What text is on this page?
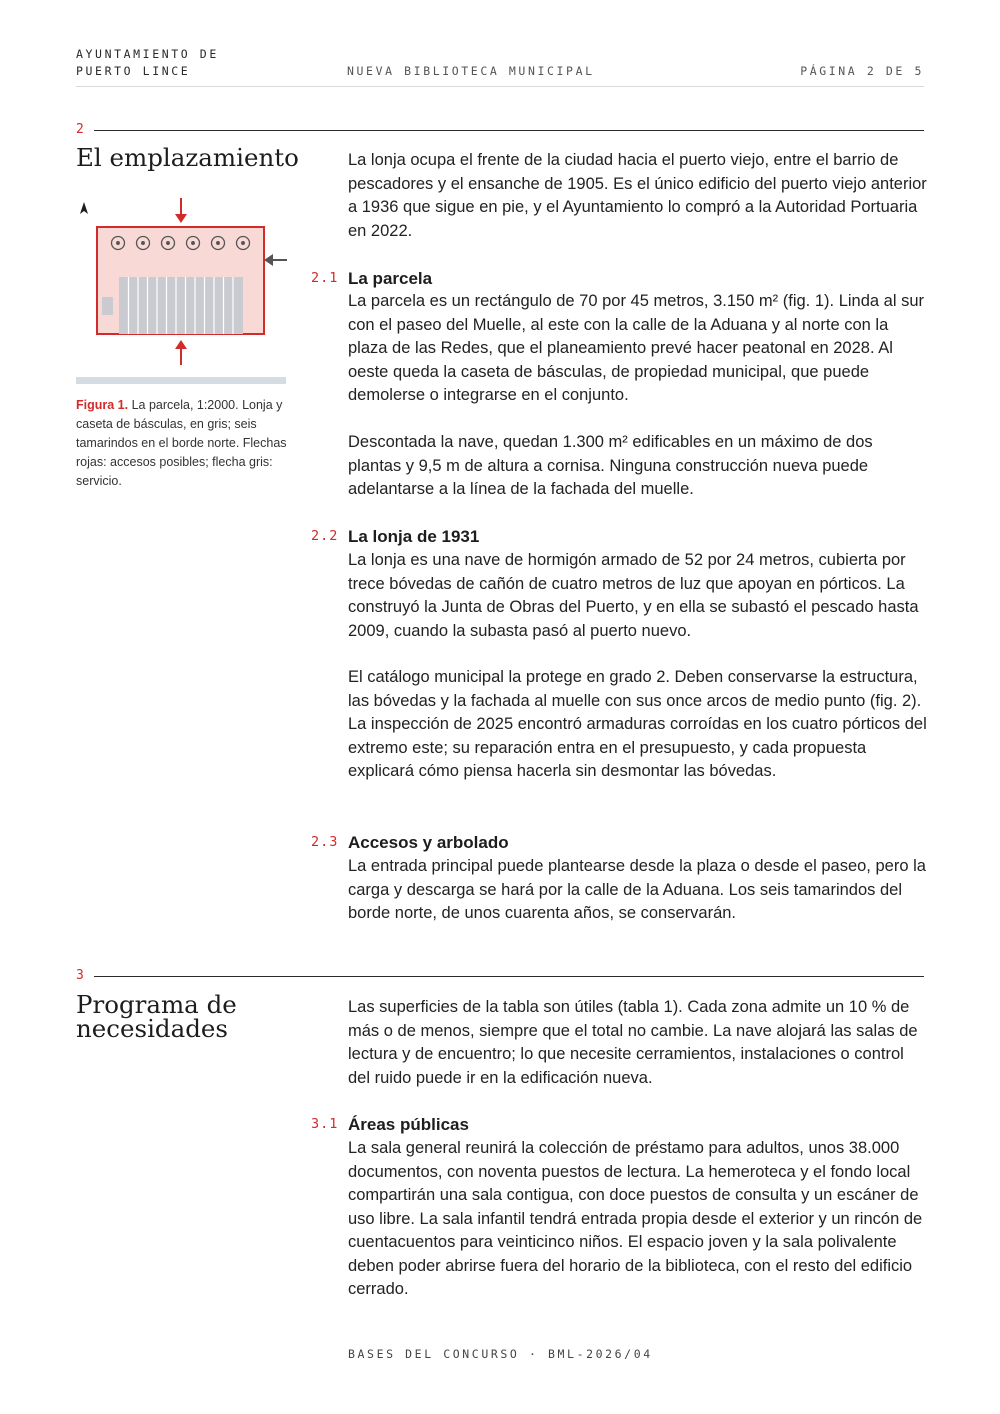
AYUNTAMIENTO DE
PUERTO LINCE	NUEVA BIBLIOTECA MUNICIPAL	PÁGINA 2 DE 5
2
El emplazamiento
Figura 1. La parcela, 1:2000. Lonja y caseta de básculas, en gris; seis tamarindos en el borde norte. Flechas rojas: accesos posibles; flecha gris: servicio.

La lonja ocupa el frente de la ciudad hacia el puerto viejo, entre el barrio de pescadores y el ensanche de 1905. Es el único edificio del puerto viejo anterior a 1936 que sigue en pie, y el Ayuntamiento lo compró a la Autoridad Portuaria en 2022.

2.1 La parcela

La parcela es un rectángulo de 70 por 45 metros, 3.150 m² (fig. 1). Linda al sur con el paseo del Muelle, al este con la calle de la Aduana y al norte con la plaza de las Redes, que el planeamiento prevé hacer peatonal en 2028. Al oeste queda la caseta de básculas, de propiedad municipal, que puede demolerse o integrarse en el conjunto.

Descontada la nave, quedan 1.300 m² edificables en un máximo de dos plantas y 9,5 m de altura a cornisa. Ninguna construcción nueva puede adelantarse a la línea de la fachada del muelle.

2.2 La lonja de 1931

La lonja es una nave de hormigón armado de 52 por 24 metros, cubierta por trece bóvedas de cañón de cuatro metros de luz que apoyan en pórticos. La construyó la Junta de Obras del Puerto, y en ella se subastó el pescado hasta 2009, cuando la subasta pasó al puerto nuevo.

El catálogo municipal la protege en grado 2. Deben conservarse la estructura, las bóvedas y la fachada al muelle con sus once arcos de medio punto (fig. 2). La inspección de 2025 encontró armaduras corroídas en los cuatro pórticos del extremo este; su reparación entra en el presupuesto, y cada propuesta explicará cómo piensa hacerla sin desmontar las bóvedas.

2.3 Accesos y arbolado

La entrada principal puede plantearse desde la plaza o desde el paseo, pero la carga y descarga se hará por la calle de la Aduana. Los seis tamarindos del borde norte, de unos cuarenta años, se conservarán.

3
Programa de
necesidades

Las superficies de la tabla son útiles (tabla 1). Cada zona admite un 10 % de más o de menos, siempre que el total no cambie. La nave alojará las salas de lectura y de encuentro; lo que necesite cerramientos, instalaciones o control del ruido puede ir en la edificación nueva.

3.1 Áreas públicas

La sala general reunirá la colección de préstamo para adultos, unos 38.000 documentos, con noventa puestos de lectura. La hemeroteca y el fondo local compartirán una sala contigua, con doce puestos de consulta y un escáner de uso libre. La sala infantil tendrá entrada propia desde el exterior y un rincón de cuentacuentos para veinticinco niños. El espacio joven y la sala polivalente deben poder abrirse fuera del horario de la biblioteca, con el resto del edificio cerrado.

BASES DEL CONCURSO · BML-2026/04
